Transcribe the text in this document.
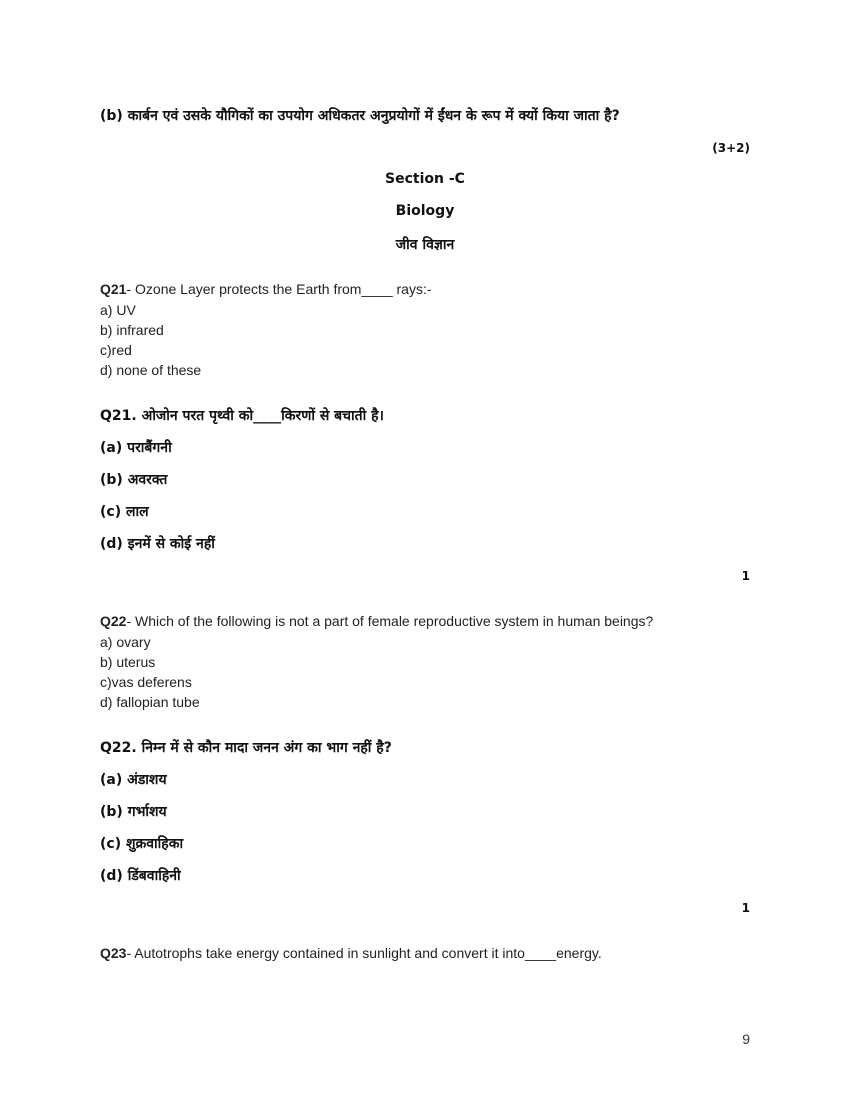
(b) कार्बन एवं उसके यौगिकों का उपयोग अधिकतर अनुप्रयोगों में ईंधन के रूप में क्यों किया जाता है?
(3+2)
Section -C
Biology
जीव विज्ञान
Q21- Ozone Layer protects the Earth from____ rays:-
a) UV
b) infrared
c)red
d) none of these
Q21. ओजोन परत पृथ्वी को____किरणों से बचाती है।
(a) पराबैंगनी
(b) अवरक्त
(c) लाल
(d) इनमें से कोई नहीं
1
Q22- Which of the following is not a part of female reproductive system in human beings?
a) ovary
b) uterus
c)vas deferens
d) fallopian tube
Q22. निम्न में से कौन मादा जनन अंग का भाग नहीं है?
(a) अंडाशय
(b) गर्भाशय
(c) शुक्रवाहिका
(d) डिंबवाहिनी
1
Q23- Autotrophs take energy contained in sunlight and convert it into____energy.
9
